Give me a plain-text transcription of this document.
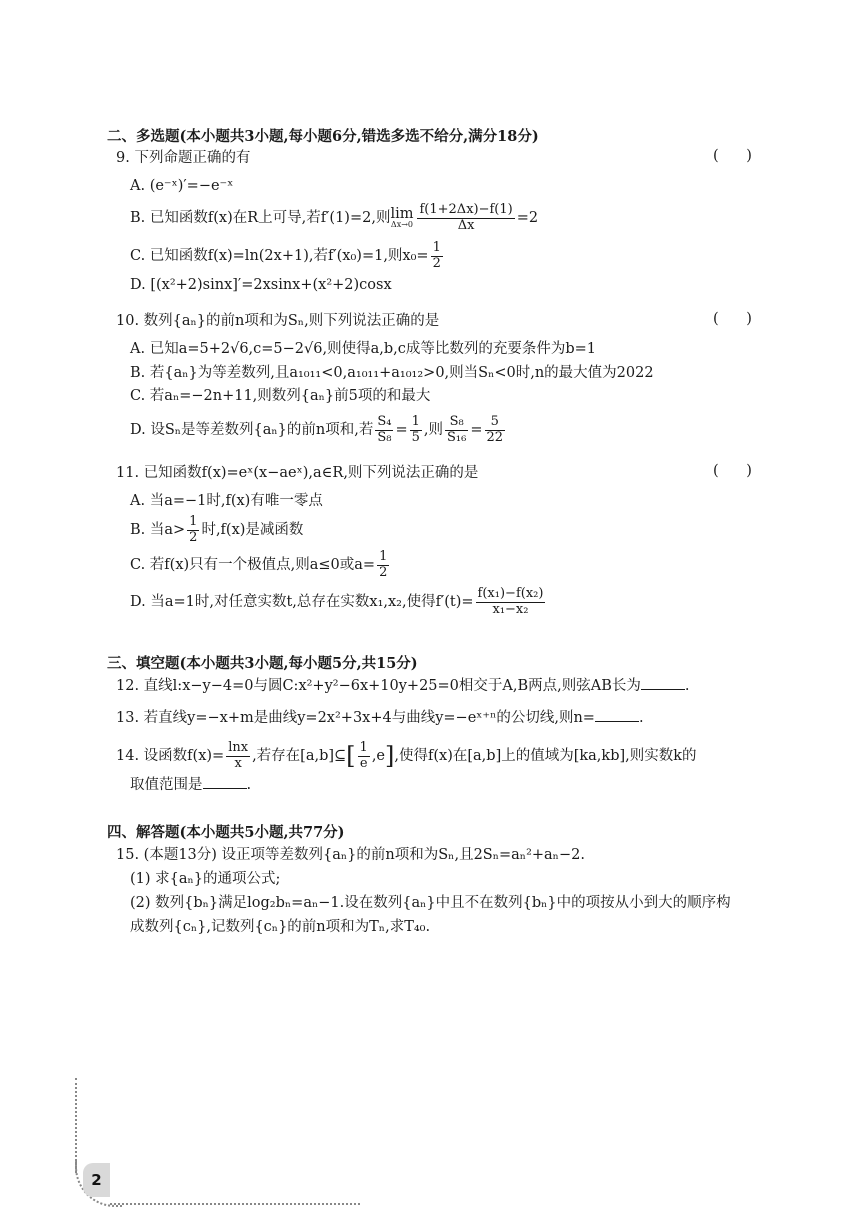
二、多选题(本小题共3小题,每小题6分,错选多选不给分,满分18分)
9. 下列命题正确的有	(      )
A. (e⁻ˣ)′=−e⁻ˣ
B. 已知函数f(x)在R上可导,若f′(1)=2,则lim
$\Delta x\to 0 \frac{f(1+2\Delta x)-f(1)}{\Delta x} =2$
C. 已知函数f(x)=ln(2x+1),若f′(x₀)=1,则$x_0= \frac{1}{2}$
D. [(x²+2)sinx]′=2xsinx+(x²+2)cosx
10. 数列{aₙ}的前n项和为Sₙ,则下列说法正确的是	(      )
A. 已知a=5+2√6,c=5−2√6,则使得a,b,c成等比数列的充要条件为b=1
B. 若{aₙ}为等差数列,且a₁₀₁₁<0,a₁₀₁₁+a₁₀₁₂>0,则当Sₙ<0时,n的最大值为2022
C. 若aₙ=−2n+11,则数列{aₙ}前5项的和最大
D. 设Sₙ是等差数列{aₙ}的前n项和,若 $\frac{\text{S₄}}{\text{S₈}} = \frac{1}{5}$ ,则 $\frac{\text{S₈}}{\text{S₁₆}} = \frac{5}{22}$
11. 已知函数f(x)=eˣ(x−aeˣ),a∈R,则下列说法正确的是	(      )
A. 当a=−1时,f(x)有唯一零点
B. 当$a> \frac{1}{2}$ 时,f(x)是减函数
C. 若f(x)只有一个极值点,则a≤0或$a= \frac{1}{2}$
D. 当a=1时,对任意实数t,总存在实数x₁,x₂,使得$f'(t)= \frac{\text{f(x₁)−f(x₂)}}{\text{x₁−x₂}}$
三、填空题(本小题共3小题,每小题5分,共15分)
12. 直线l:x−y−4=0与圆C:x²+y²−6x+10y+25=0相交于A,B两点,则弦AB长为	.
13. 若直线y=−x+m是曲线y=2x²+3x+4与曲线y=−eˣ⁺ⁿ的公切线,则n=	.
14. 设函数$f(x)= \frac{\ln x}{x}$ ,若存在[a,b]⊆[ $\frac{1}{e} ,e$],使得f(x)在[a,b]上的值域为[ka,kb],则实数k的
取值范围是	.
四、解答题(本小题共5小题,共77分)
15. (本题13分) 设正项等差数列{aₙ}的前n项和为Sₙ,且2Sₙ=aₙ²+aₙ−2.
(1) 求{aₙ}的通项公式;
(2) 数列{bₙ}满足log₂bₙ=aₙ−1.设在数列{aₙ}中且不在数列{bₙ}中的项按从小到大的顺序构
成数列{cₙ},记数列{cₙ}的前n项和为Tₙ,求T₄₀.
2
